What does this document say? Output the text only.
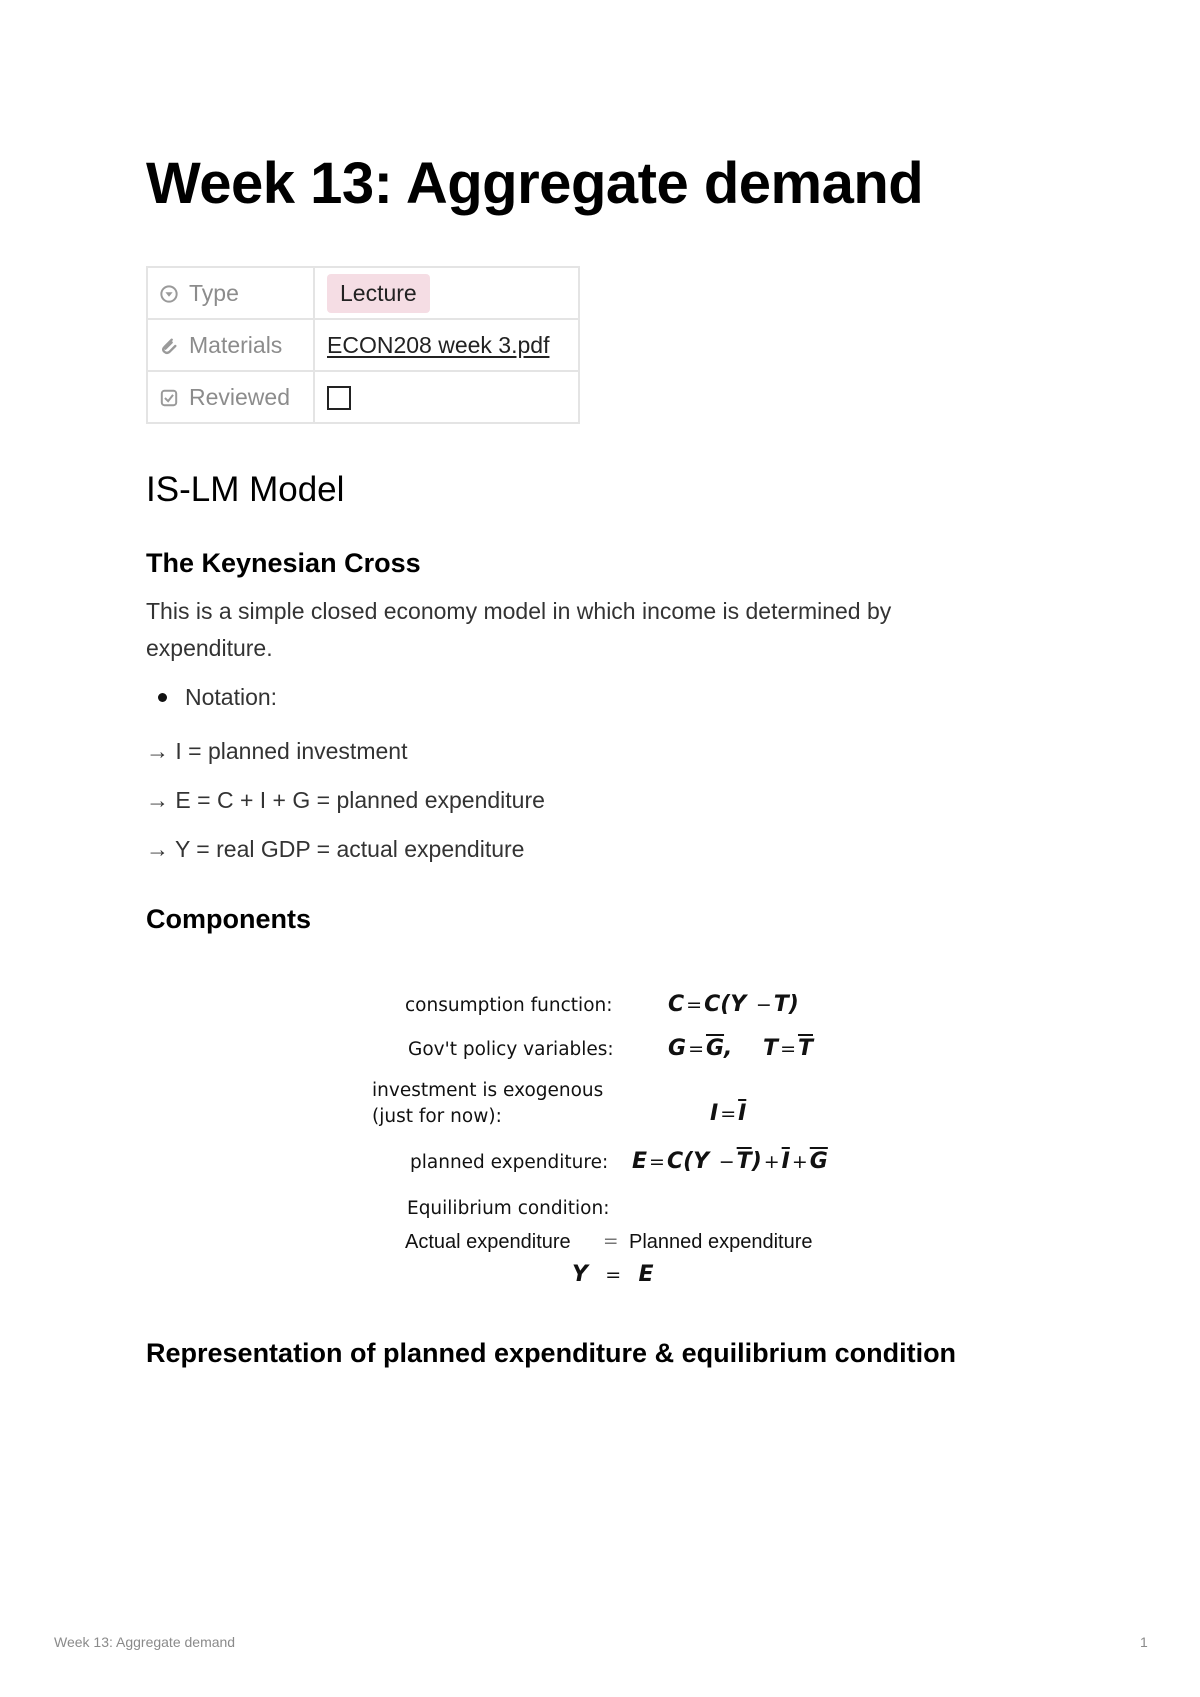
Week 13: Aggregate demand
Type	Lecture
Materials	ECON208 week 3.pdf
Reviewed	
IS-LM Model
The Keynesian Cross

This is a simple closed economy model in which income is determined by expenditure.

Notation:
→ I = planned investment
→ E = C + I + G = planned expenditure
→ Y = real GDP = actual expenditure
Components
consumption function:	C =C(Y −T)
Gov't policy variables: $G =\overline{G}$,    $T =\overline{T}$
investment is exogenous
(just for now):	$I =\overline{I}$
planned expenditure: $E =C(Y -\overline{T}) +\overline{I} +\overline{G}$
Equilibrium condition:
Actual expenditure = Planned expenditure
Y  =  E
Representation of planned expenditure & equilibrium condition
Week 13: Aggregate demand	1
